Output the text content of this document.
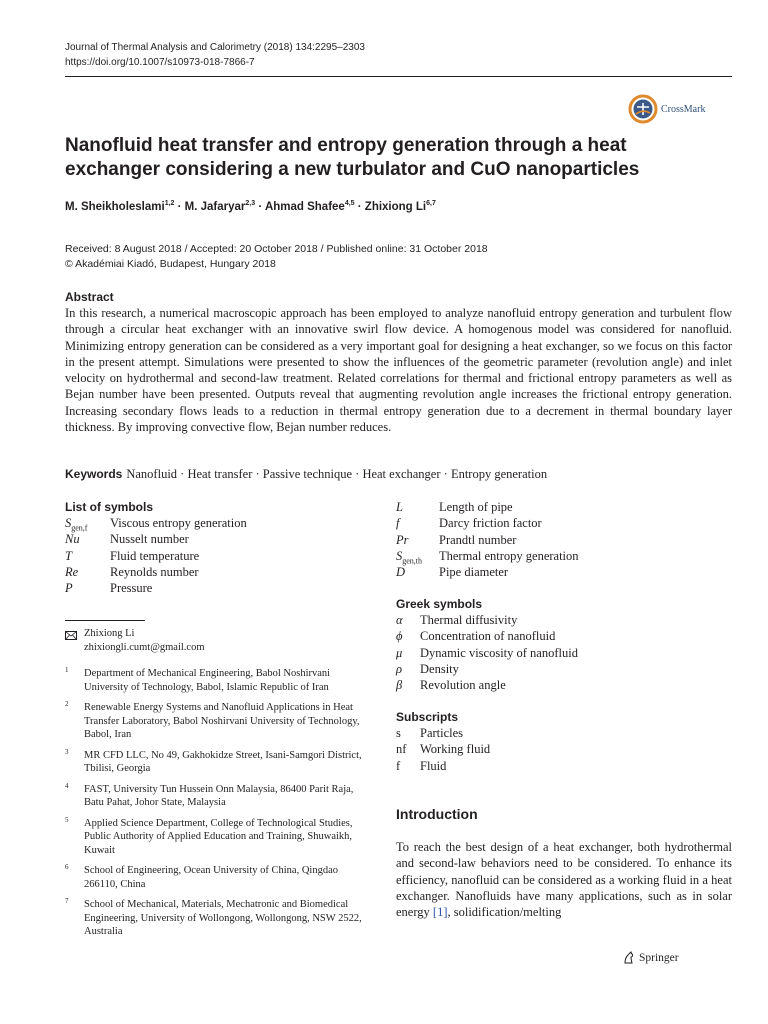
Journal of Thermal Analysis and Calorimetry (2018) 134:2295–2303
https://doi.org/10.1007/s10973-018-7866-7
CrossMark
Nanofluid heat transfer and entropy generation through a heat exchanger considering a new turbulator and CuO nanoparticles
M. Sheikholeslami$^{1,2}$ · M. Jafaryar$^{2,3}$ · Ahmad Shafee$^{4,5}$ · Zhixiong Li$^{6,7}$
Received: 8 August 2018 / Accepted: 20 October 2018 / Published online: 31 October 2018
© Akadémiai Kiadó, Budapest, Hungary 2018
Abstract

In this research, a numerical macroscopic approach has been employed to analyze nanofluid entropy generation and turbulent flow through a circular heat exchanger with an innovative swirl flow device. A homogenous model was considered for nanofluid. Minimizing entropy generation can be considered as a very important goal for designing a heat exchanger, so we focus on this factor in the present attempt. Simulations were presented to show the influences of the geometric parameter (revolution angle) and inlet velocity on hydrothermal and second-law treatment. Related correlations for thermal and frictional entropy parameters as well as Bejan number have been presented. Outputs reveal that augmenting revolution angle increases the frictional entropy generation. Increasing secondary flows leads to a reduction in thermal entropy generation due to a decrement in thermal boundary layer thickness. By improving convective flow, Bejan number reduces.

Keywords Nanofluid · Heat transfer · Passive technique · Heat exchanger · Entropy generation
List of symbols
$S_{gen,f}$ Viscous entropy generation
Nu Nusselt number
T	Fluid temperature
Re	Reynolds number
P	Pressure
L	Length of pipe
f	Darcy friction factor
Pr Prandtl number
$S_{gen,th}$ Thermal entropy generation
D	Pipe diameter
Greek symbols
α Thermal diffusivity
ϕ Concentration of nanofluid
μ Dynamic viscosity of nanofluid
ρ Density
β Revolution angle
Subscripts
s Particles
nf Working fluid
f Fluid
Zhixiong Li
zhixiongli.cumt@gmail.com
1 Department of Mechanical Engineering, Babol Noshirvani University of Technology, Babol, Islamic Republic of Iran
2 Renewable Energy Systems and Nanofluid Applications in Heat Transfer Laboratory, Babol Noshirvani University of Technology, Babol, Iran
3 MR CFD LLC, No 49, Gakhokidze Street, Isani-Samgori District, Tbilisi, Georgia
4 FAST, University Tun Hussein Onn Malaysia, 86400 Parit Raja, Batu Pahat, Johor State, Malaysia
5 Applied Science Department, College of Technological Studies, Public Authority of Applied Education and Training, Shuwaikh, Kuwait
6 School of Engineering, Ocean University of China, Qingdao 266110, China
7 School of Mechanical, Materials, Mechatronic and Biomedical Engineering, University of Wollongong, Wollongong, NSW 2522, Australia
Introduction

To reach the best design of a heat exchanger, both hydrothermal and second-law behaviors need to be considered. To enhance its efficiency, nanofluid can be considered as a working fluid in a heat exchanger. Nanofluids have many applications, such as in solar energy [1], solidification/melting

Springer
